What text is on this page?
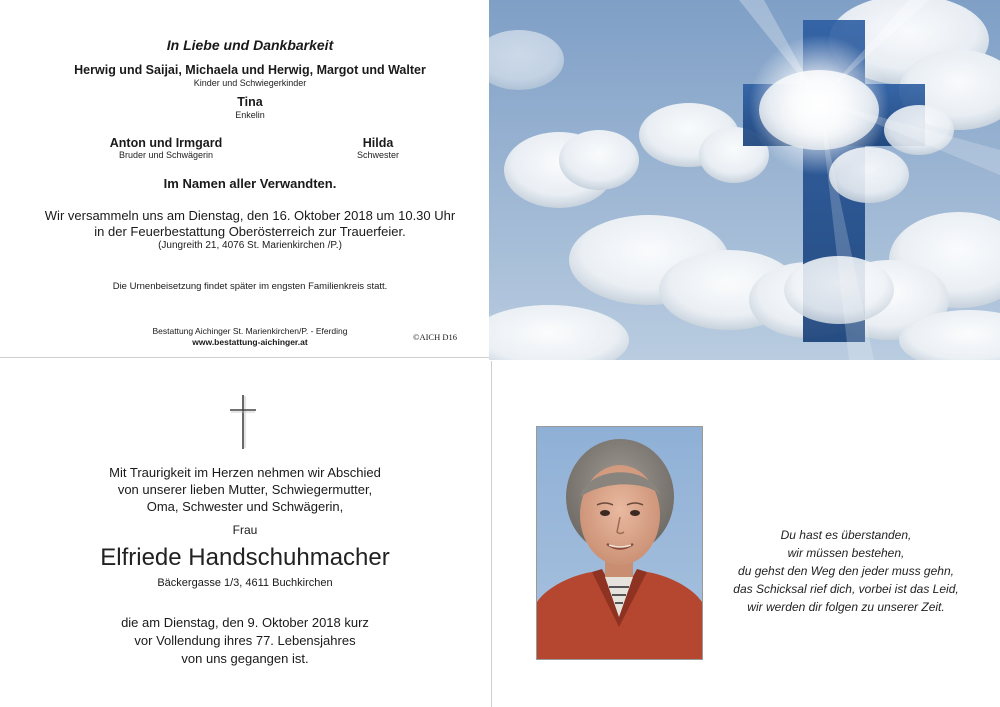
In Liebe und Dankbarkeit
Herwig und Saijai, Michaela und Herwig, Margot und Walter
Kinder und Schwiegerkinder
Tina
Enkelin
Anton und Irmgard
Bruder und Schwägerin
Hilda
Schwester
Im Namen aller Verwandten.
Wir versammeln uns am Dienstag, den 16. Oktober 2018 um 10.30 Uhr
in der Feuerbestattung Oberösterreich zur Trauerfeier.
(Jungreith 21, 4076 St. Marienkirchen /P.)
Die Urnenbeisetzung findet später im engsten Familienkreis statt.
Bestattung Aichinger St. Marienkirchen/P. - Eferding
www.bestattung-aichinger.at	©AICH D16
Mit Traurigkeit im Herzen nehmen wir Abschied
von unserer lieben Mutter, Schwiegermutter,
Oma, Schwester und Schwägerin,
Frau
Elfriede Handschuhmacher
Bäckergasse 1/3, 4611 Buchkirchen
die am Dienstag, den 9. Oktober 2018 kurz
vor Vollendung ihres 77. Lebensjahres
von uns gegangen ist.
Du hast es überstanden,
wir müssen bestehen,
du gehst den Weg den jeder muss gehn,
das Schicksal rief dich, vorbei ist das Leid,
wir werden dir folgen zu unserer Zeit.
